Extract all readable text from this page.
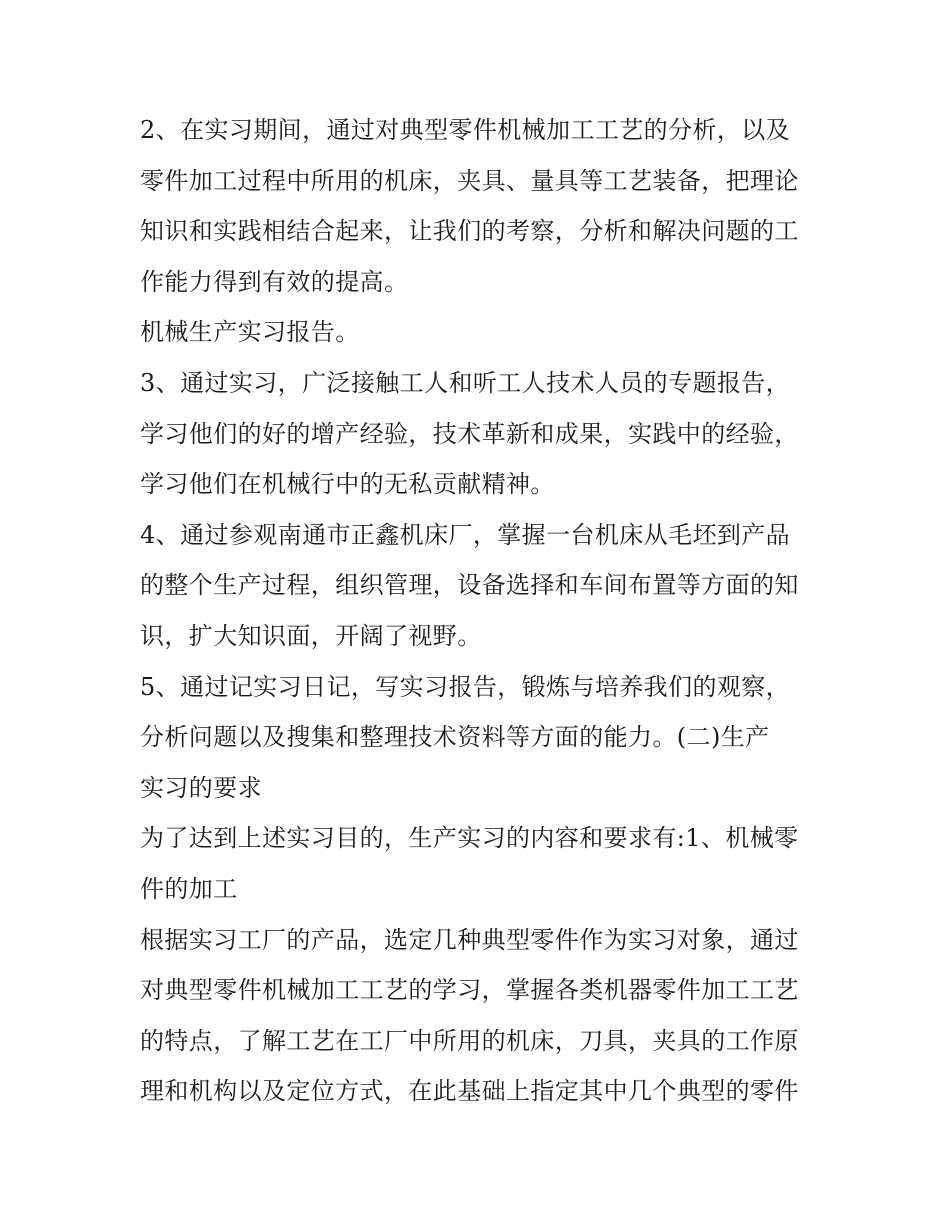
2、在实习期间，通过对典型零件机械加工工艺的分析，以及
零件加工过程中所用的机床，夹具、量具等工艺装备，把理论
知识和实践相结合起来，让我们的考察，分析和解决问题的工
作能力得到有效的提高。
机械生产实习报告。
3、通过实习，广泛接触工人和听工人技术人员的专题报告，
学习他们的好的增产经验，技术革新和成果，实践中的经验，
学习他们在机械行中的无私贡献精神。
4、通过参观南通市正鑫机床厂，掌握一台机床从毛坯到产品
的整个生产过程，组织管理，设备选择和车间布置等方面的知
识，扩大知识面，开阔了视野。
5、通过记实习日记，写实习报告，锻炼与培养我们的观察，
分析问题以及搜集和整理技术资料等方面的能力。(二)生产
实习的要求
为了达到上述实习目的，生产实习的内容和要求有:1、机械零
件的加工
根据实习工厂的产品，选定几种典型零件作为实习对象，通过
对典型零件机械加工工艺的学习，掌握各类机器零件加工工艺
的特点，了解工艺在工厂中所用的机床，刀具，夹具的工作原
理和机构以及定位方式，在此基础上指定其中几个典型的零件
